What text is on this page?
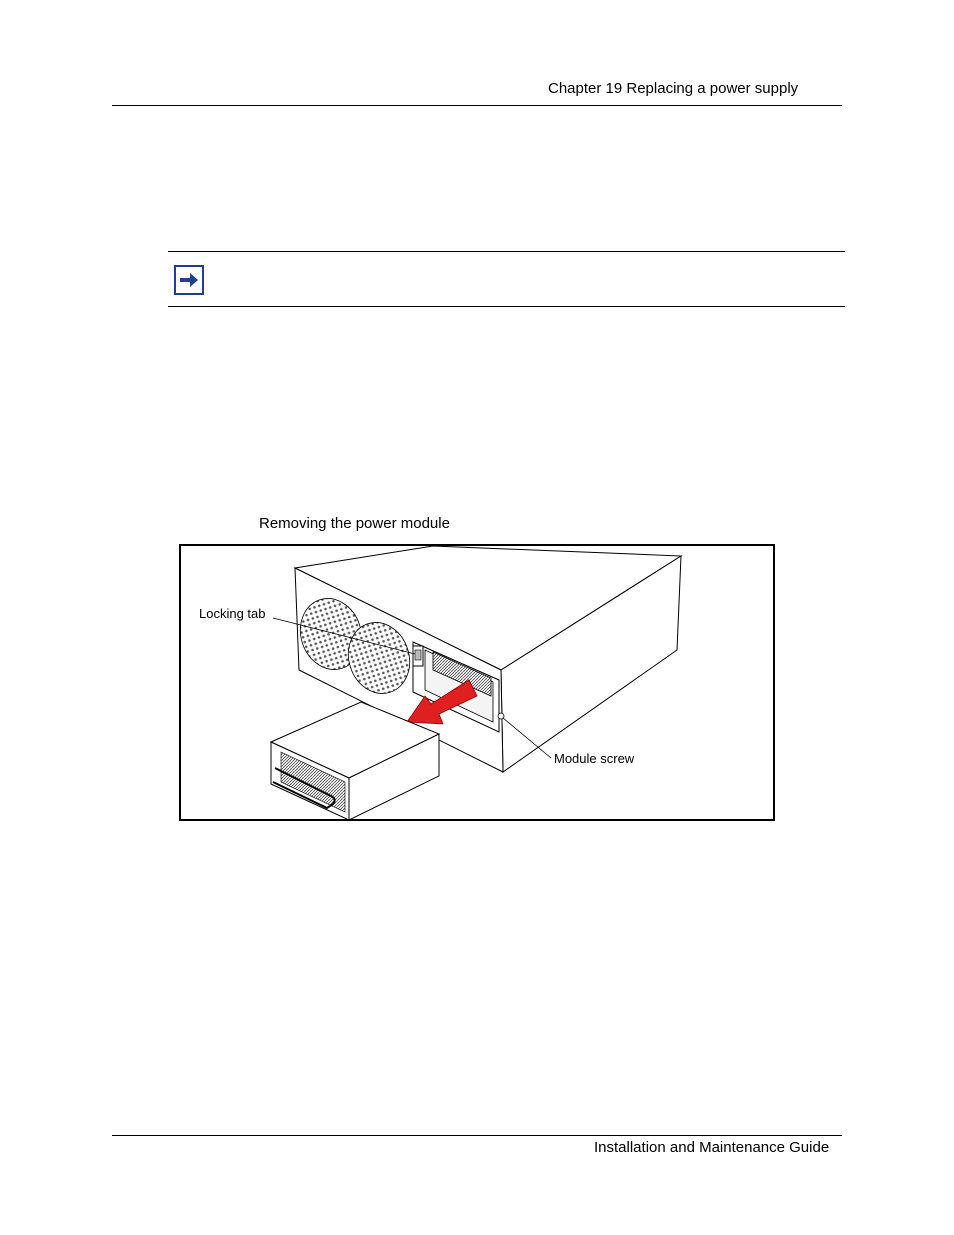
Chapter 19 Replacing a power supply
Removing the power module
Locking tab
Module screw
Installation and Maintenance Guide
